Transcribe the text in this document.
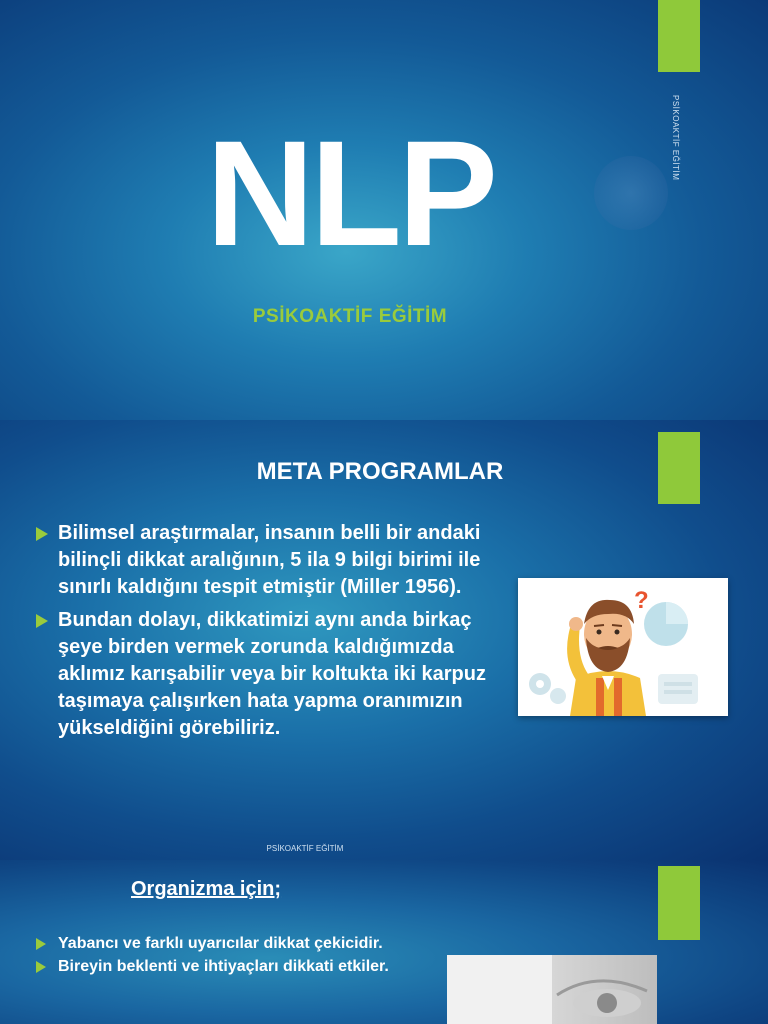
PSİKOAKTİF EĞİTİM
NLP
PSİKOAKTİF EĞİTİM
META PROGRAMLAR
Bilimsel araştırmalar, insanın belli bir andaki bilinçli dikkat aralığının, 5 ila 9 bilgi birimi ile sınırlı kaldığını tespit etmiştir (Miller 1956).
Bundan dolayı, dikkatimizi aynı anda birkaç şeye birden vermek zorunda kaldığımızda aklımız karışabilir veya bir koltukta iki karpuz taşımaya çalışırken hata yapma oranımızın yükseldiğini görebiliriz.
?
PSİKOAKTİF EĞİTİM
Organizma için;
Yabancı ve farklı uyarıcılar dikkat çekicidir.
Bireyin beklenti ve ihtiyaçları dikkati etkiler.
